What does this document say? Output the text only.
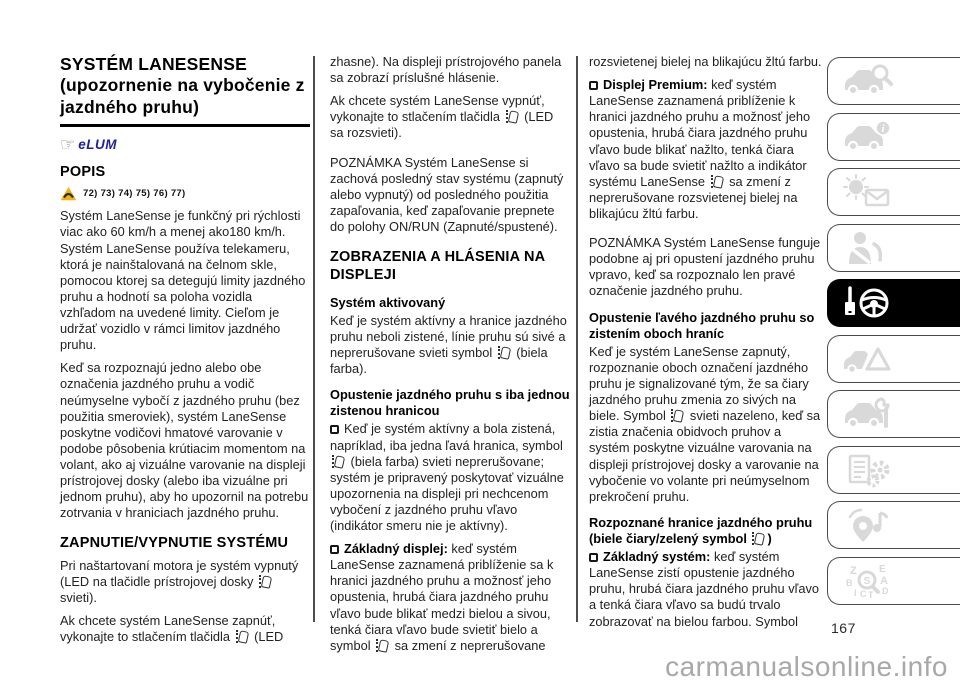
SYSTÉM LANESENSE (upozornenie na vybočenie z jazdného pruhu)
☞ eLUM
POPIS
72) 73) 74) 75) 76) 77)

Systém LaneSense je funkčný pri rýchlosti viac ako 60 km/h a menej ako180 km/h. Systém LaneSense používa telekameru, ktorá je nainštalovaná na čelnom skle, pomocou ktorej sa detegujú limity jazdného pruhu a hodnotí sa poloha vozidla vzhľadom na uvedené limity. Cieľom je udržať vozidlo v rámci limitov jazdného pruhu.

Keď sa rozpoznajú jedno alebo obe označenia jazdného pruhu a vodič neúmyselne vybočí z jazdného pruhu (bez použitia smeroviek), systém LaneSense poskytne vodičovi hmatové varovanie v podobe pôsobenia krútiacim momentom na volant, ako aj vizuálne varovanie na displeji prístrojovej dosky (alebo iba vizuálne pri jednom pruhu), aby ho upozornil na potrebu zotrvania v hraniciach jazdného pruhu.

ZAPNUTIE/VYPNUTIE SYSTÉMU

Pri naštartovaní motora je systém vypnutý (LED na tlačidle prístrojovej dosky  svieti).

Ak chcete systém LaneSense zapnúť, vykonajte to stlačením tlačidla  (LED

zhasne). Na displeji prístrojového panela sa zobrazí príslušné hlásenie.

Ak chcete systém LaneSense vypnúť, vykonajte to stlačením tlačidla  (LED sa rozsvieti).

POZNÁMKA Systém LaneSense si zachová posledný stav systému (zapnutý alebo vypnutý) od posledného použitia zapaľovania, keď zapaľovanie prepnete do polohy ON/RUN (Zapnuté/spustené).

ZOBRAZENIA A HLÁSENIA NA DISPLEJI
Systém aktivovaný

Keď je systém aktívny a hranice jazdného pruhu neboli zistené, línie pruhu sú sivé a neprerušovane svieti symbol  (biela farba).

Opustenie jazdného pruhu s iba jednou zistenou hranicou

Keď je systém aktívny a bola zistená, napríklad, iba jedna ľavá hranica, symbol  (biela farba) svieti neprerušovane; systém je pripravený poskytovať vizuálne upozornenia na displeji pri nechcenom vybočení z jazdného pruhu vľavo (indikátor smeru nie je aktívny).

Základný displej: keď systém LaneSense zaznamená priblíženie sa k hranici jazdného pruhu a možnosť jeho opustenia, hrubá čiara jazdného pruhu vľavo bude blikať medzi bielou a sivou, tenká čiara vľavo bude svietiť bielo a symbol  sa zmení z neprerušovane

rozsvietenej bielej na blikajúcu žltú farbu.

Displej Premium: keď systém LaneSense zaznamená priblíženie k hranici jazdného pruhu a možnosť jeho opustenia, hrubá čiara jazdného pruhu vľavo bude blikať nažlto, tenká čiara vľavo sa bude svietiť nažlto a indikátor systému LaneSense  sa zmení z neprerušovane rozsvietenej bielej na blikajúcu žltú farbu.

POZNÁMKA Systém LaneSense funguje podobne aj pri opustení jazdného pruhu vpravo, keď sa rozpoznalo len pravé označenie jazdného pruhu.

Opustenie ľavého jazdného pruhu so zistením oboch hraníc

Keď je systém LaneSense zapnutý, rozpoznanie oboch označení jazdného pruhu je signalizované tým, že sa čiary jazdného pruhu zmenia zo sivých na biele. Symbol  svieti nazeleno, keď sa zistia značenia obidvoch pruhov a systém poskytne vizuálne varovania na displeji prístrojovej dosky a varovanie na vybočenie vo volante pri neúmyselnom prekročení pruhu.

Rozpoznané hranice jazdného pruhu (biele čiary/zelený symbol )

Základný systém: keď systém LaneSense zistí opustenie jazdného pruhu, hrubá čiara jazdného pruhu vľavo a tenká čiara vľavo sa budú trvalo zobrazovať na bielou farbou. Symbol

i
Z E
B	A
D
I C T
S
167
carmanualsonline.info
